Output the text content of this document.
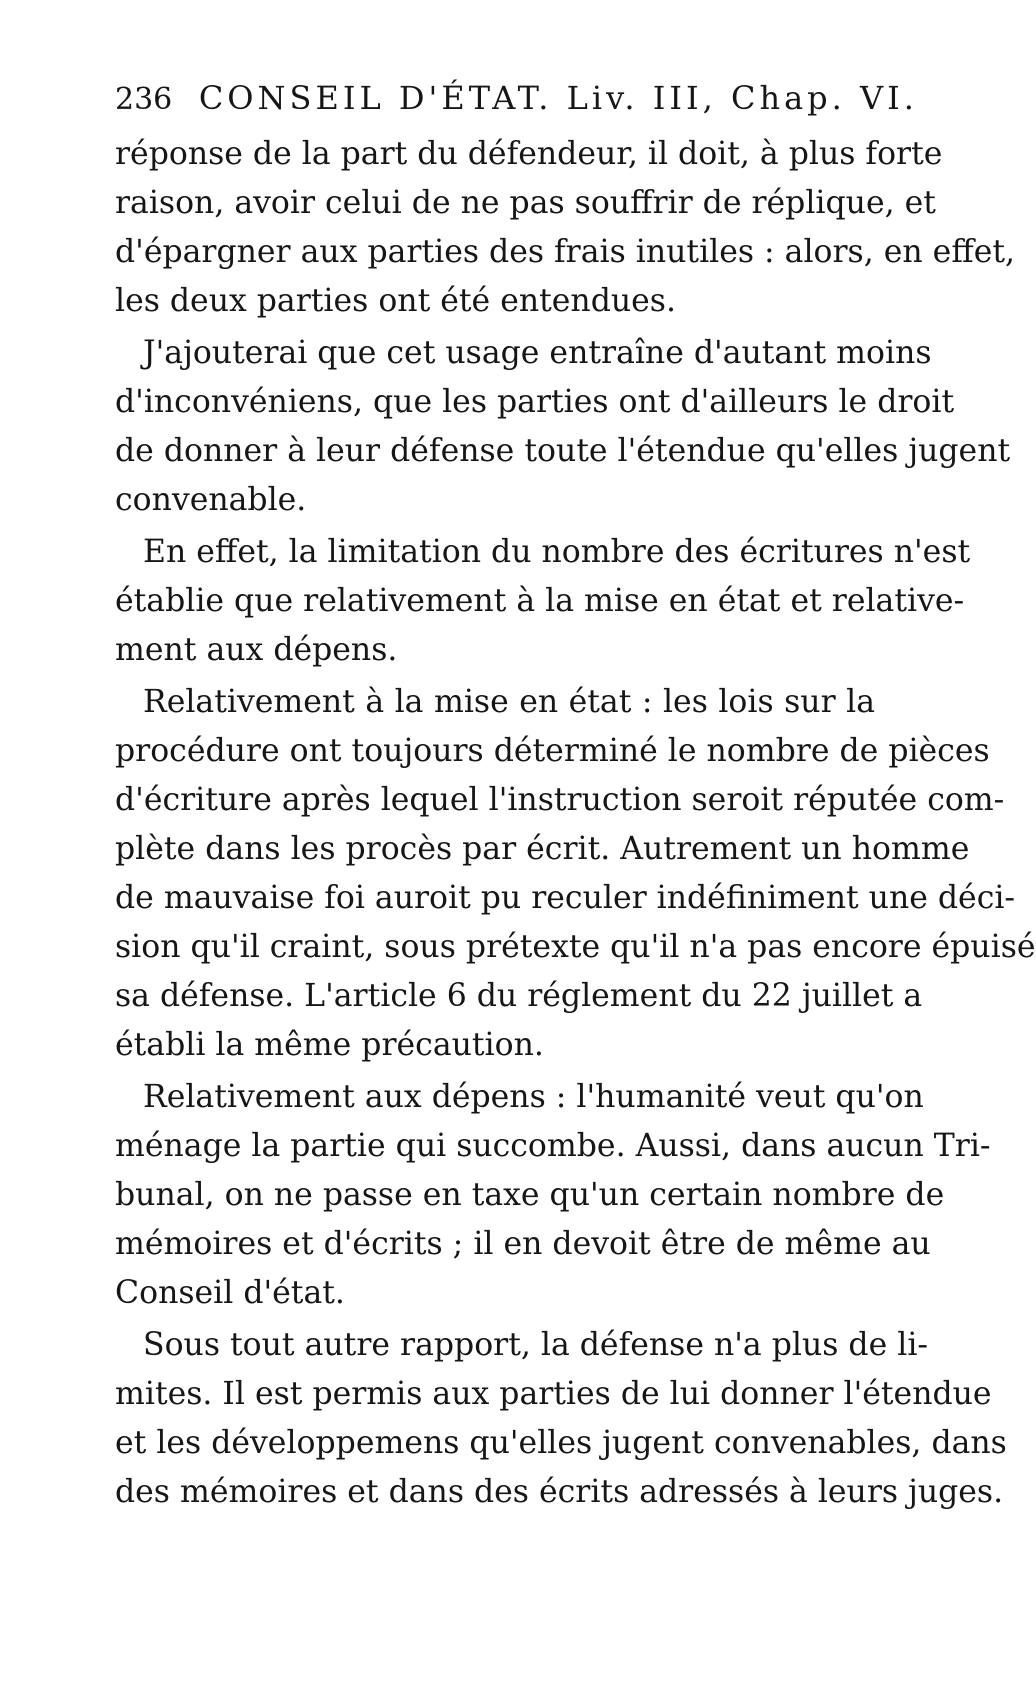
236 CONSEIL D'ÉTAT. Liv. III, Chap. VI.
réponse de la part du défendeur, il doit, à plus forte
raison, avoir celui de ne pas souffrir de réplique, et
d'épargner aux parties des frais inutiles : alors, en effet,
les deux parties ont été entendues.
J'ajouterai que cet usage entraîne d'autant moins
d'inconvéniens, que les parties ont d'ailleurs le droit
de donner à leur défense toute l'étendue qu'elles jugent
convenable.
En effet, la limitation du nombre des écritures n'est
établie que relativement à la mise en état et relative-
ment aux dépens.
Relativement à la mise en état : les lois sur la
procédure ont toujours déterminé le nombre de pièces
d'écriture après lequel l'instruction seroit réputée com-
plète dans les procès par écrit. Autrement un homme
de mauvaise foi auroit pu reculer indéfiniment une déci-
sion qu'il craint, sous prétexte qu'il n'a pas encore épuisé
sa défense. L'article 6 du réglement du 22 juillet a
établi la même précaution.
Relativement aux dépens : l'humanité veut qu'on
ménage la partie qui succombe. Aussi, dans aucun Tri-
bunal, on ne passe en taxe qu'un certain nombre de
mémoires et d'écrits ; il en devoit être de même au
Conseil d'état.
Sous tout autre rapport, la défense n'a plus de li-
mites. Il est permis aux parties de lui donner l'étendue
et les développemens qu'elles jugent convenables, dans
des mémoires et dans des écrits adressés à leurs juges.
